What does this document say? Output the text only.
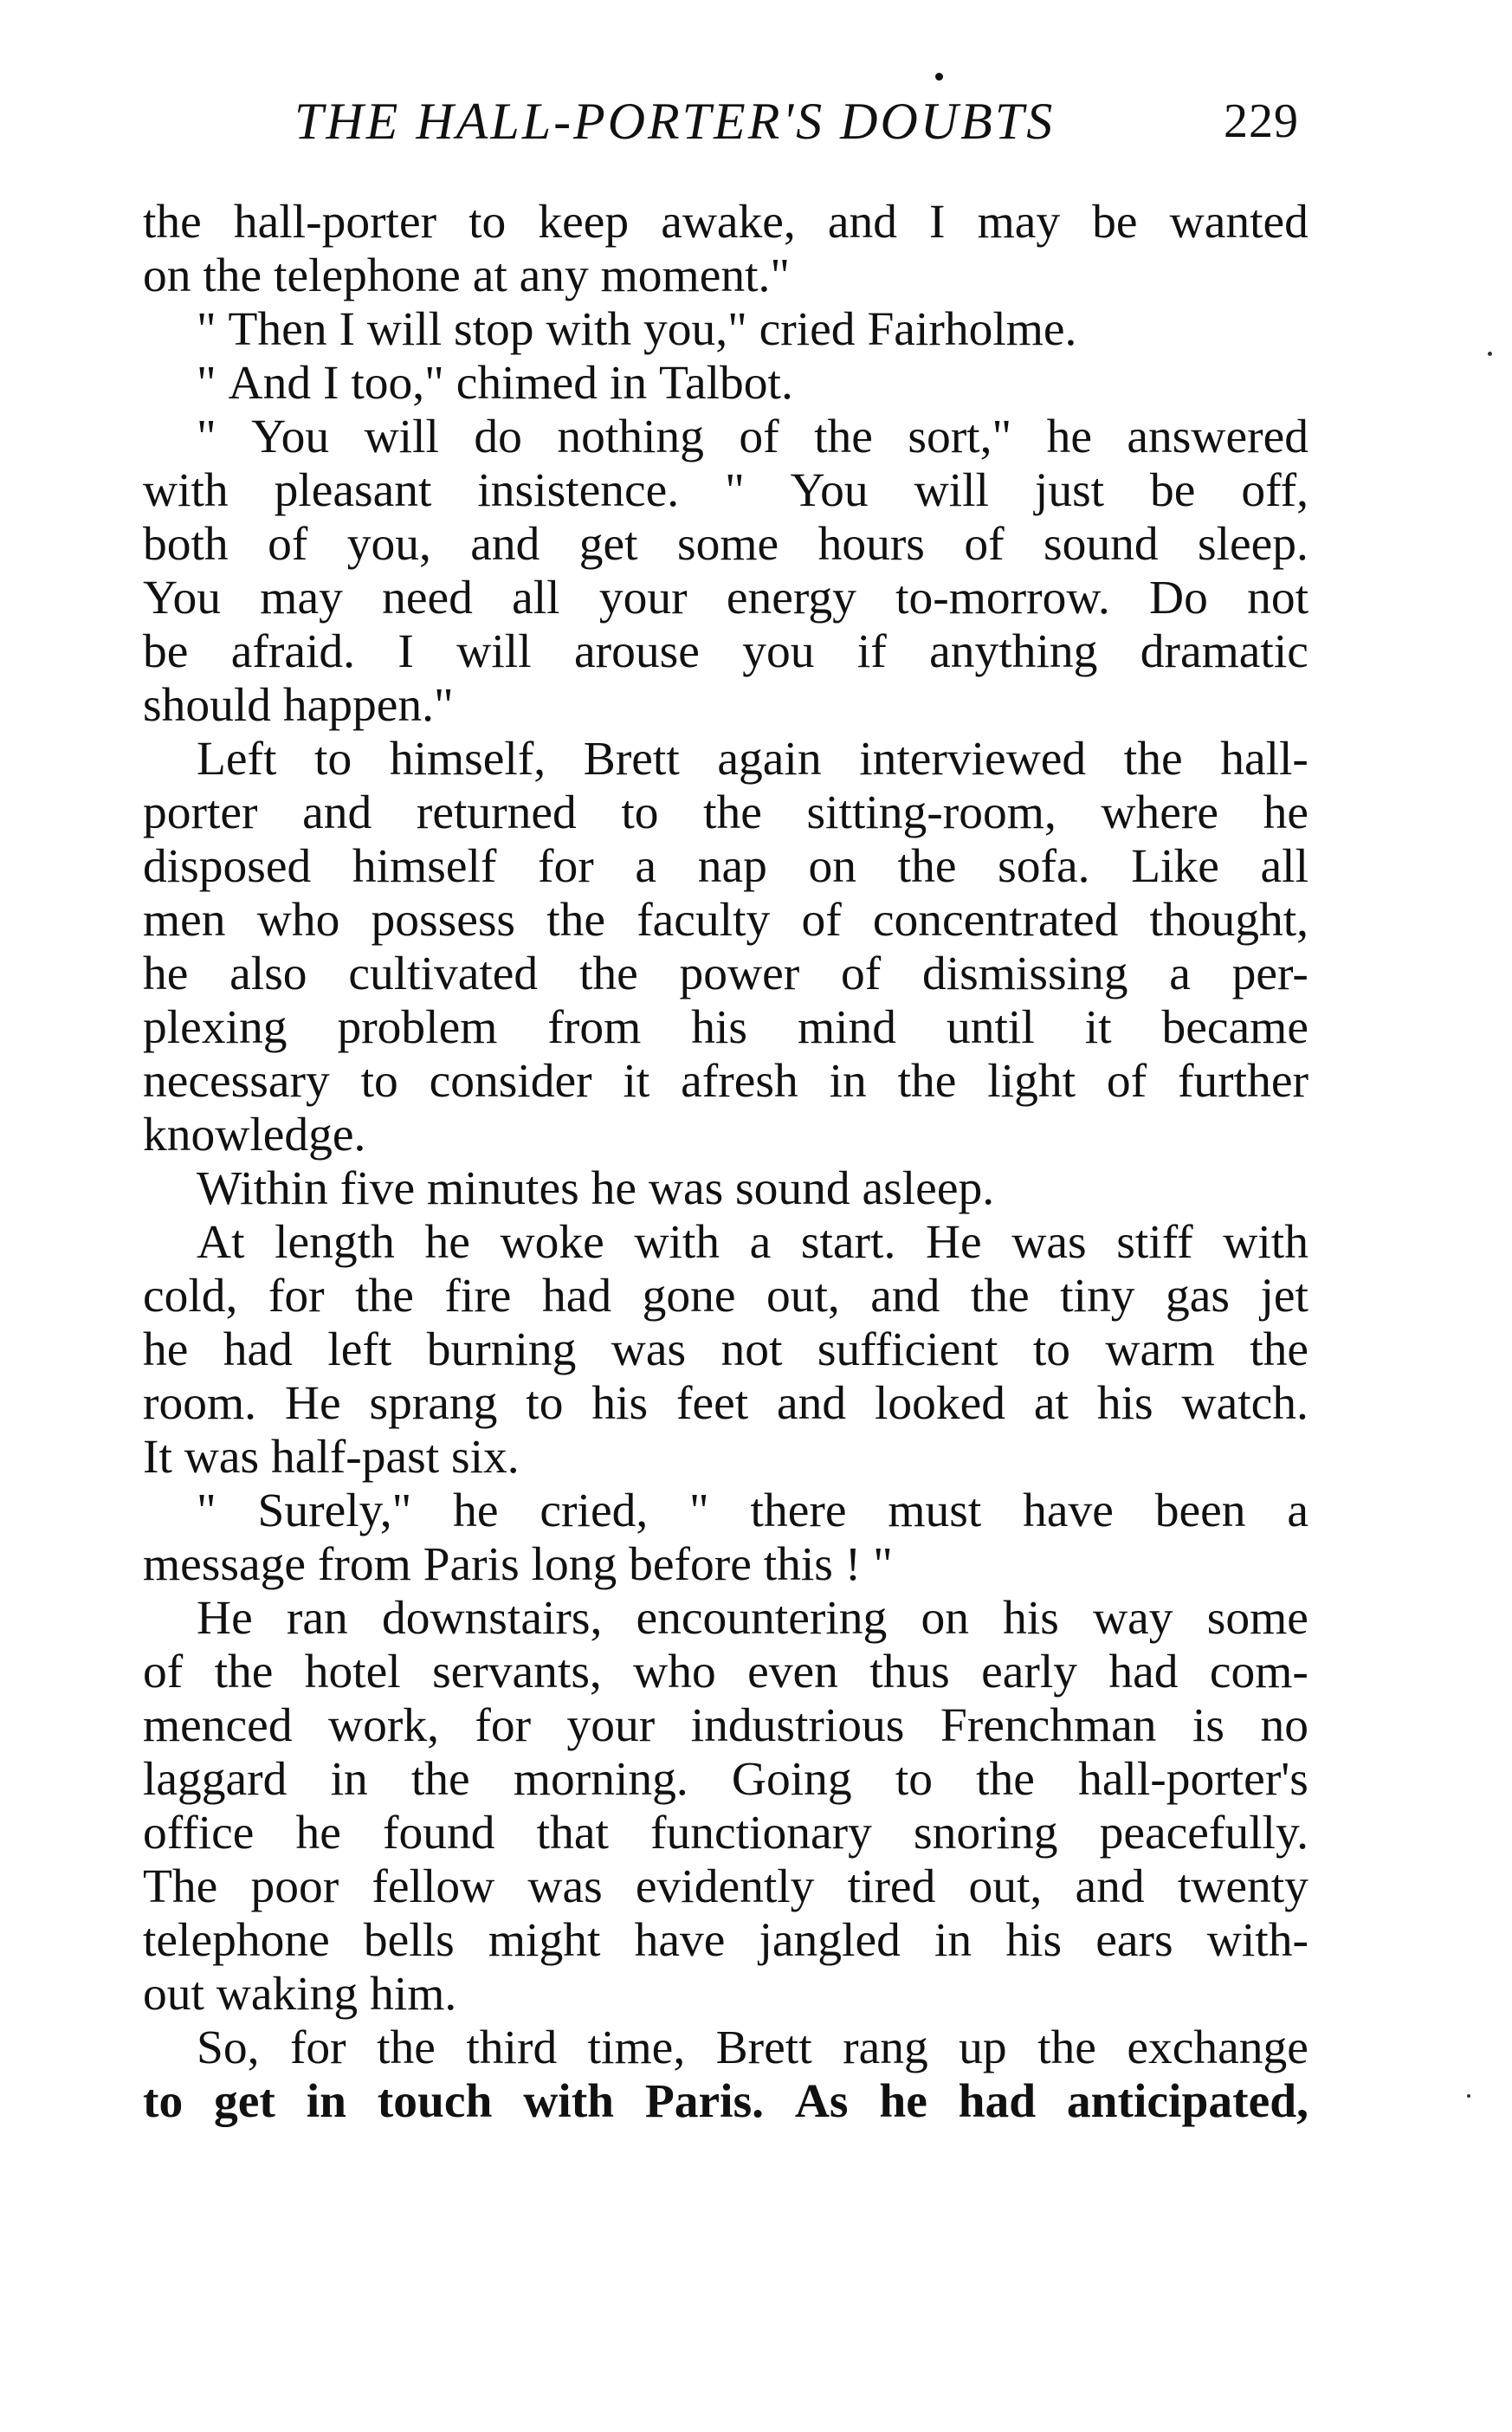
THE HALL-PORTER'S DOUBTS	229
the hall-porter to keep awake, and I may be wanted
on the telephone at any moment."
" Then I will stop with you," cried Fairholme.
" And I too," chimed in Talbot.
" You will do nothing of the sort," he answered
with pleasant insistence. " You will just be off,
both of you, and get some hours of sound sleep.
You may need all your energy to-morrow. Do not
be afraid. I will arouse you if anything dramatic
should happen."
Left to himself, Brett again interviewed the hall-
porter and returned to the sitting-room, where he
disposed himself for a nap on the sofa. Like all
men who possess the faculty of concentrated thought,
he also cultivated the power of dismissing a per-
plexing problem from his mind until it became
necessary to consider it afresh in the light of further
knowledge.
Within five minutes he was sound asleep.
At length he woke with a start. He was stiff with
cold, for the fire had gone out, and the tiny gas jet
he had left burning was not sufficient to warm the
room. He sprang to his feet and looked at his watch.
It was half-past six.
" Surely," he cried, " there must have been a
message from Paris long before this ! "
He ran downstairs, encountering on his way some
of the hotel servants, who even thus early had com-
menced work, for your industrious Frenchman is no
laggard in the morning. Going to the hall-porter's
office he found that functionary snoring peacefully.
The poor fellow was evidently tired out, and twenty
telephone bells might have jangled in his ears with-
out waking him.
So, for the third time, Brett rang up the exchange
to get in touch with Paris. As he had anticipated,
